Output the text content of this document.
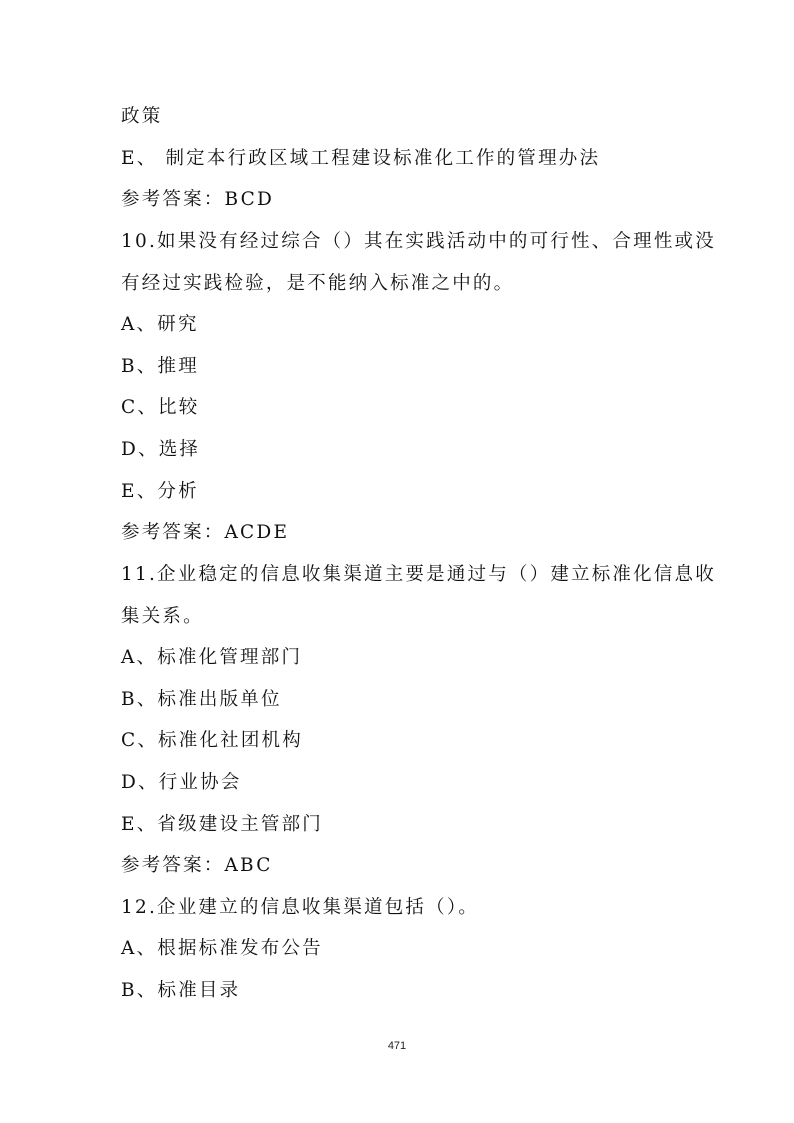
政策
E、 制定本行政区域工程建设标准化工作的管理办法
参考答案：BCD
10.如果没有经过综合（）其在实践活动中的可行性、合理性或没
有经过实践检验，是不能纳入标准之中的。
A、研究
B、推理
C、比较
D、选择
E、分析
参考答案：ACDE
11.企业稳定的信息收集渠道主要是通过与（）建立标准化信息收
集关系。
A、标准化管理部门
B、标准出版单位
C、标准化社团机构
D、行业协会
E、省级建设主管部门
参考答案：ABC
12.企业建立的信息收集渠道包括（）。
A、根据标准发布公告
B、标准目录
471
